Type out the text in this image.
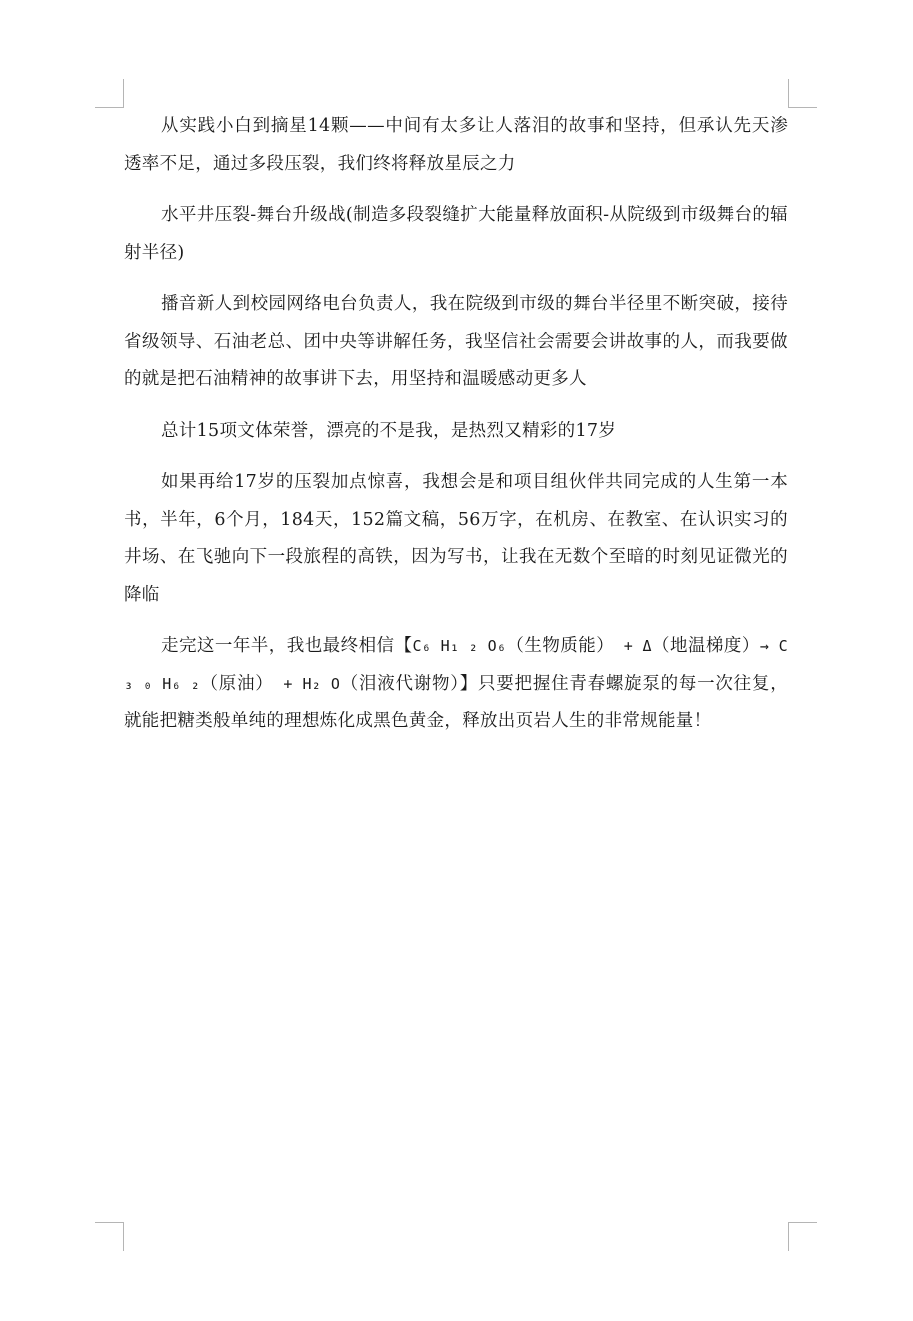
从实践小白到摘星14颗——中间有太多让人落泪的故事和坚持，但承认先天渗透率不足，通过多段压裂，我们终将释放星辰之力

水平井压裂-舞台升级战(制造多段裂缝扩大能量释放面积-从院级到市级舞台的辐射半径)

播音新人到校园网络电台负责人，我在院级到市级的舞台半径里不断突破，接待省级领导、石油老总、团中央等讲解任务，我坚信社会需要会讲故事的人，而我要做的就是把石油精神的故事讲下去，用坚持和温暖感动更多人

总计15项文体荣誉，漂亮的不是我，是热烈又精彩的17岁

如果再给17岁的压裂加点惊喜，我想会是和项目组伙伴共同完成的人生第一本书，半年，6个月，184天，152篇文稿，56万字，在机房、在教室、在认识实习的井场、在飞驰向下一段旅程的高铁，因为写书，让我在无数个至暗的时刻见证微光的降临

走完这一年半，我也最终相信【C₆ H₁ ₂ O₆（生物质能） + Δ（地温梯度）→ C₃ ₀ H₆ ₂（原油） + H₂ O（泪液代谢物）】只要把握住青春螺旋泵的每一次往复，就能把糖类般单纯的理想炼化成黑色黄金，释放出页岩人生的非常规能量！
